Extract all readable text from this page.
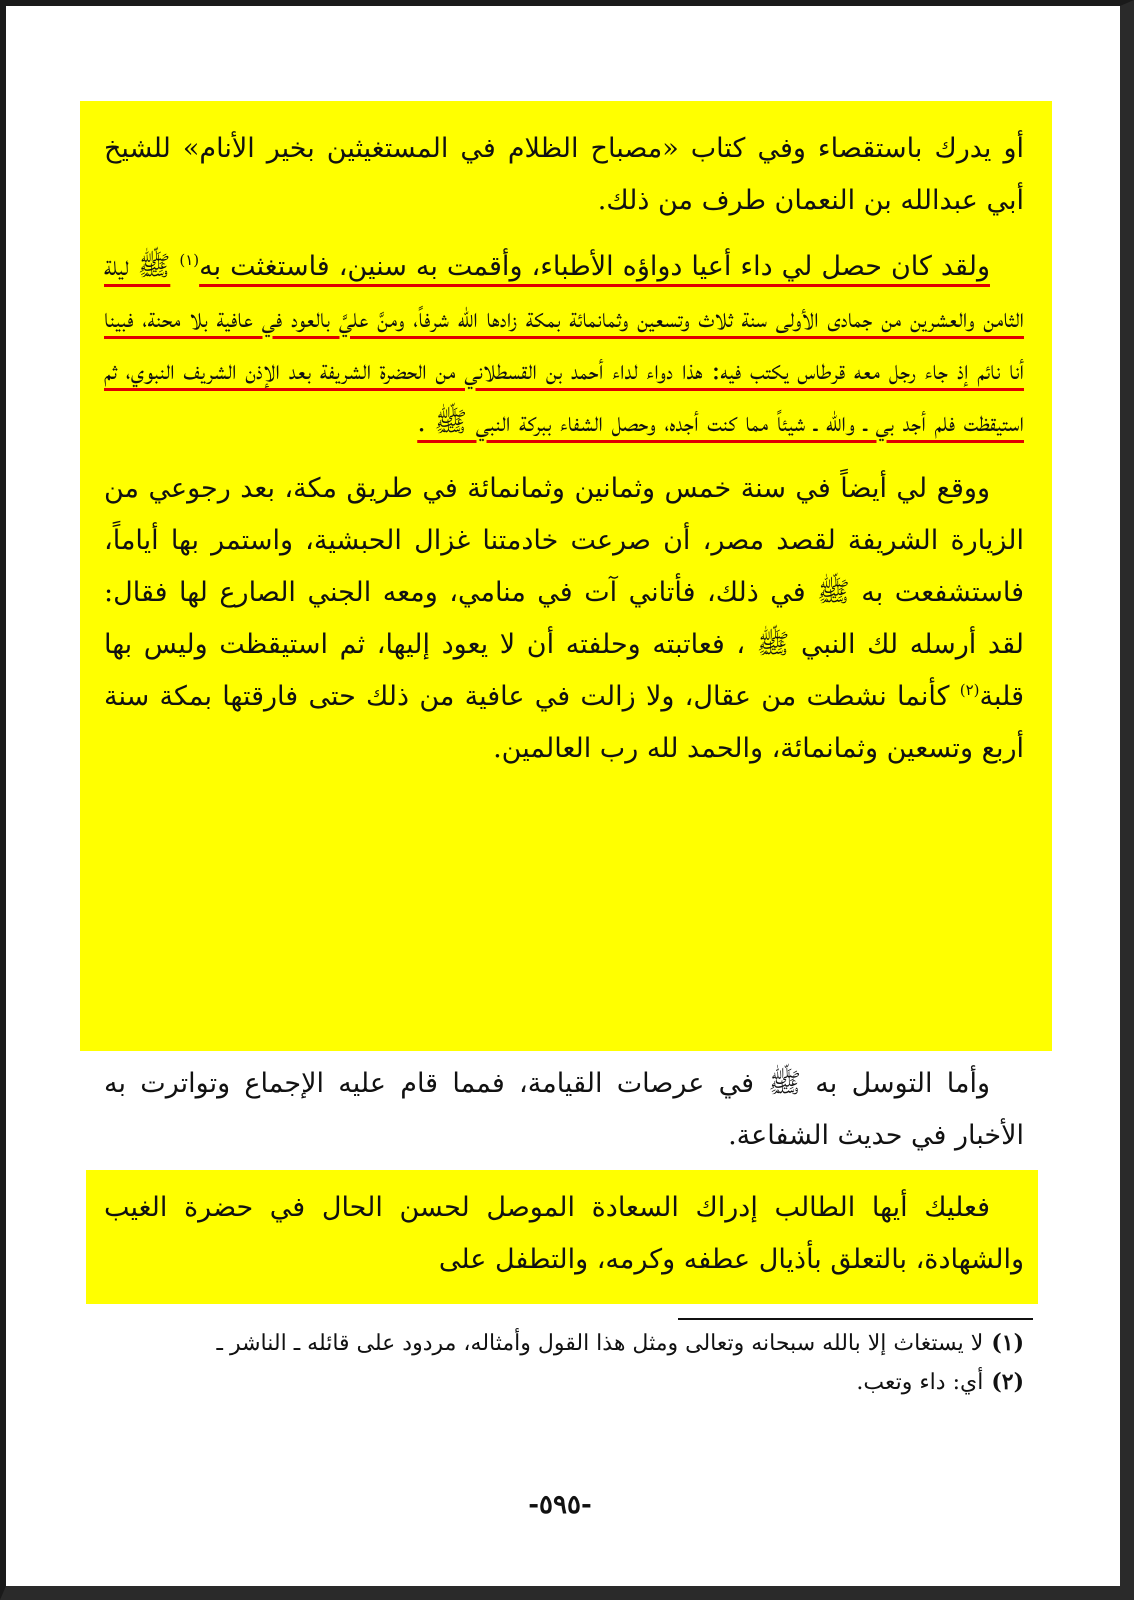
أو يدرك باستقصاء وفي كتاب «مصباح الظلام في المستغيثين بخير الأنام» للشيخ أبي عبدالله بن النعمان طرف من ذلك.

ولقد كان حصل لي داء أعيا دواؤه الأطباء، وأقمت به سنين، فاستغثت به$^{(١)}$ ﷺ ليلة الثامن والعشرين من جمادى الأولى سنة ثلاث وتسعين وثمانمائة بمكة زادها الله شرفاً، ومنَّ عليَّ بالعود في عافية بلا محنة، فبينا أنا نائم إذ جاء رجل معه قرطاس يكتب فيه: هذا دواء لداء أحمد بن القسطلاني من الحضرة الشريفة بعد الإذن الشريف النبوي، ثم استيقظت فلم أجد بي ـ والله ـ شيئاً مما كنت أجده، وحصل الشفاء ببركة النبي ﷺ .

ووقع لي أيضاً في سنة خمس وثمانين وثمانمائة في طريق مكة، بعد رجوعي من الزيارة الشريفة لقصد مصر، أن صرعت خادمتنا غزال الحبشية، واستمر بها أياماً، فاستشفعت به ﷺ في ذلك، فأتاني آت في منامي، ومعه الجني الصارع لها فقال: لقد أرسله لك النبي ﷺ ، فعاتبته وحلفته أن لا يعود إليها، ثم استيقظت وليس بها قلبة$^{(٢)}$ كأنما نشطت من عقال، ولا زالت في عافية من ذلك حتى فارقتها بمكة سنة أربع وتسعين وثمانمائة، والحمد لله رب العالمين.

وأما التوسل به ﷺ في عرصات القيامة، فمما قام عليه الإجماع وتواترت به الأخبار في حديث الشفاعة.

فعليك أيها الطالب إدراك السعادة الموصل لحسن الحال في حضرة الغيب والشهادة، بالتعلق بأذيال عطفه وكرمه، والتطفل على

(١)لا يستغاث إلا بالله سبحانه وتعالى ومثل هذا القول وأمثاله، مردود على قائله ـ الناشر ـ

(٢)أي: داء وتعب.

-٥٩٥-
